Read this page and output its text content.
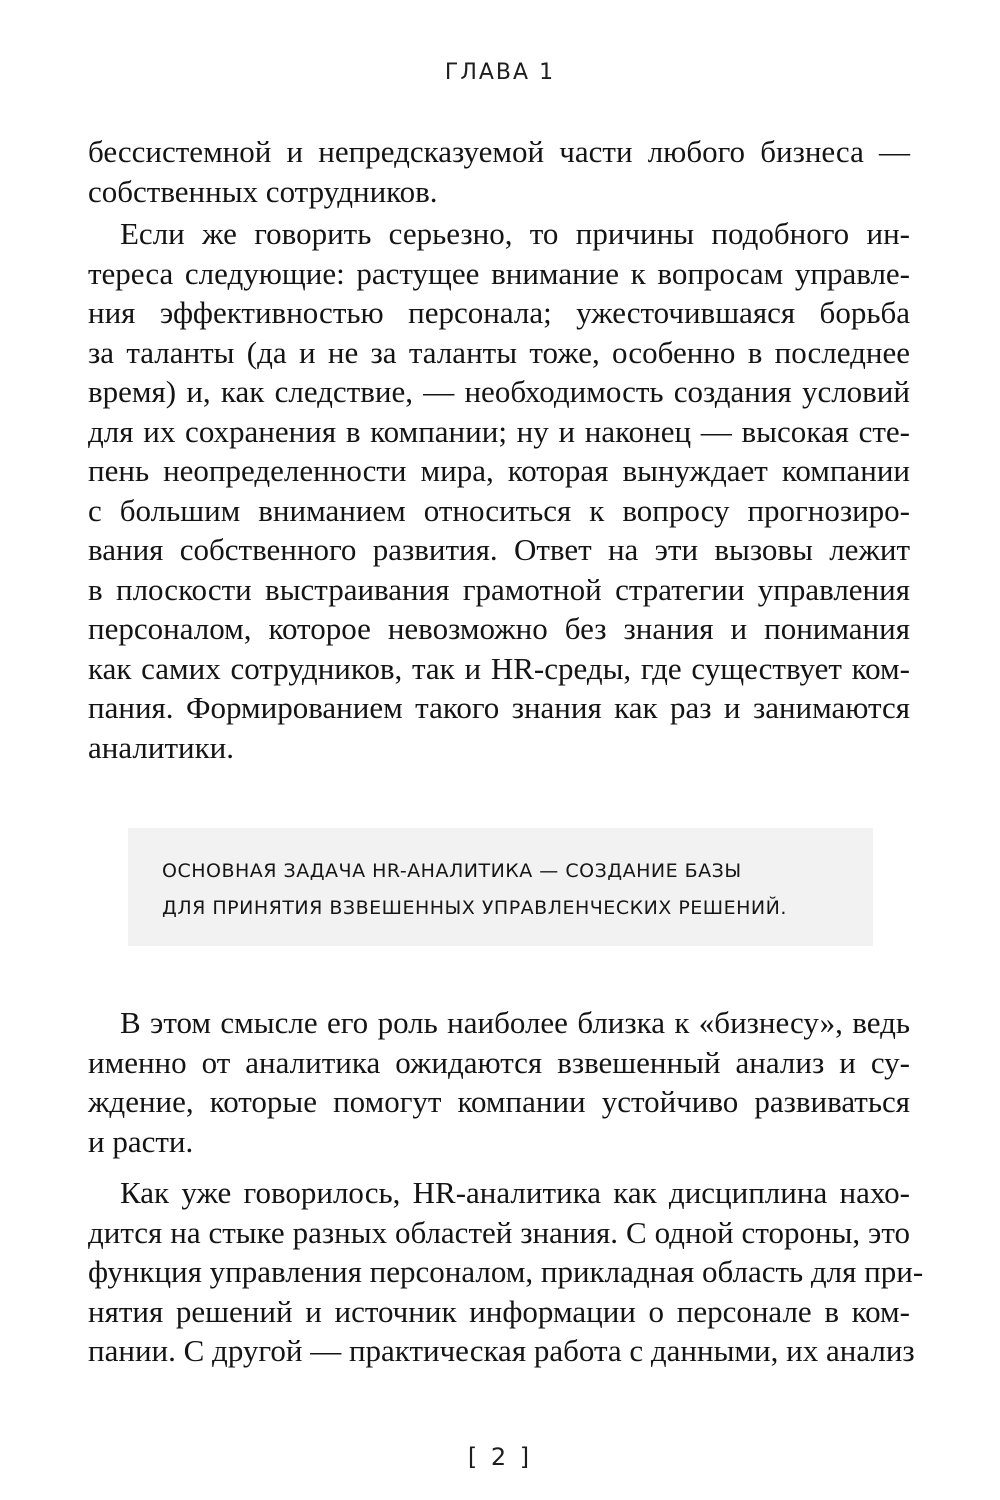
ГЛАВА 1
бессистемной и непредсказуемой части любого бизнеса —
собственных сотрудников.
Если же говорить серьезно, то причины подобного ин-
тереса следующие: растущее внимание к вопросам управле-
ния эффективностью персонала; ужесточившаяся борьба
за таланты (да и не за таланты тоже, особенно в последнее
время) и, как следствие, — необходимость создания условий
для их сохранения в компании; ну и наконец — высокая сте-
пень неопределенности мира, которая вынуждает компании
с большим вниманием относиться к вопросу прогнозиро-
вания собственного развития. Ответ на эти вызовы лежит
в плоскости выстраивания грамотной стратегии управления
персоналом, которое невозможно без знания и понимания
как самих сотрудников, так и HR-среды, где существует ком-
пания. Формированием такого знания как раз и занимаются
аналитики.
ОСНОВНАЯ ЗАДАЧА HR-АНАЛИТИКА — СОЗДАНИЕ БАЗЫ
ДЛЯ ПРИНЯТИЯ ВЗВЕШЕННЫХ УПРАВЛЕНЧЕСКИХ РЕШЕНИЙ.
В этом смысле его роль наиболее близка к «бизнесу», ведь
именно от аналитика ожидаются взвешенный анализ и су-
ждение, которые помогут компании устойчиво развиваться
и расти.
Как уже говорилось, HR-аналитика как дисциплина нахо-
дится на стыке разных областей знания. С одной стороны, это
функция управления персоналом, прикладная область для при-
нятия решений и источник информации о персонале в ком-
пании. С другой — практическая работа с данными, их анализ
[ 2 ]
